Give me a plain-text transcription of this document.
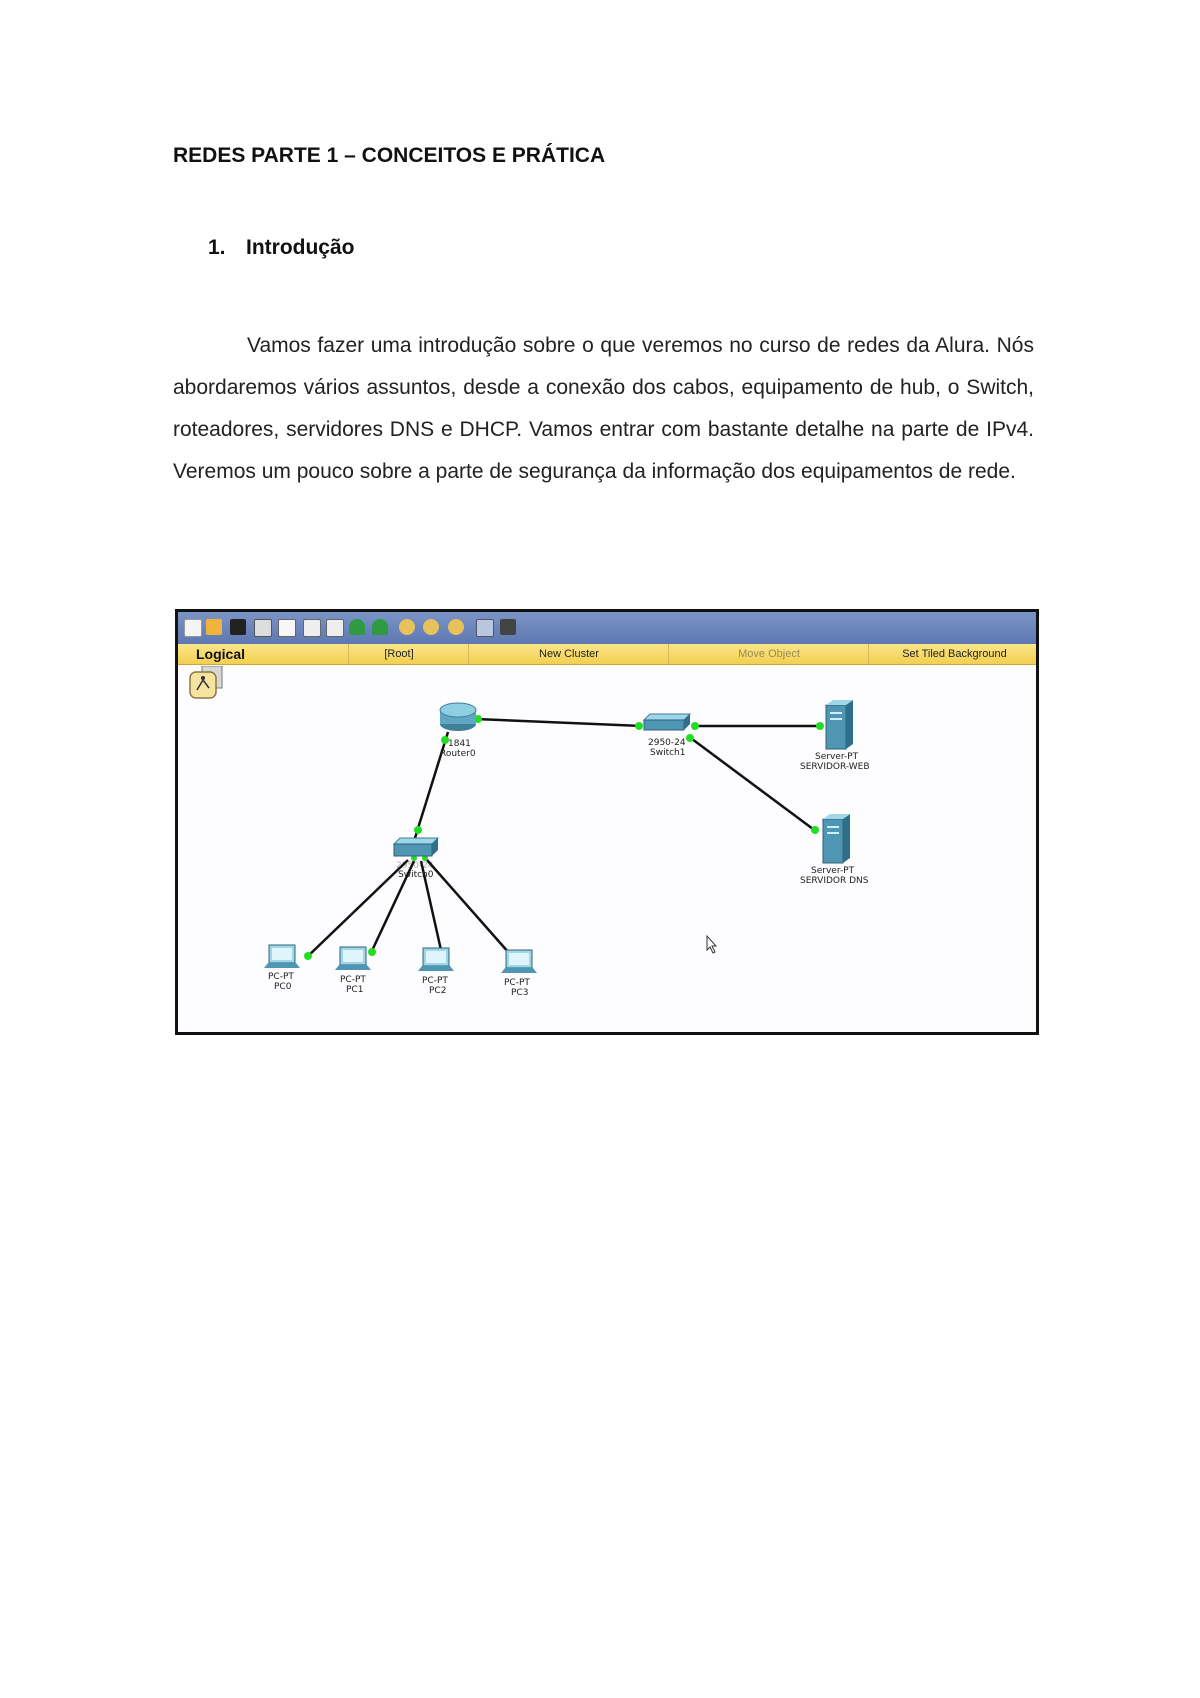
REDES PARTE 1 – CONCEITOS E PRÁTICA
1. Introdução
Vamos fazer uma introdução sobre o que veremos no curso de redes da Alura. Nós abordaremos vários assuntos, desde a conexão dos cabos, equipamento de hub, o Switch, roteadores, servidores DNS e DHCP. Vamos entrar com bastante detalhe na parte de IPv4. Veremos um pouco sobre a parte de segurança da informação dos equipamentos de rede.
[Root]	New Cluster	Move Object	Set Tiled Background
Logical
1841
Router0
2950-24
Switch1	Server-PT
SERVIDOR-WEB
Server-PT
SERVIDOR DNS
2950-24
Switch0
PC-PT
PC0
PC-PT
PC1
PC-PT
PC2
PC-PT
PC3
